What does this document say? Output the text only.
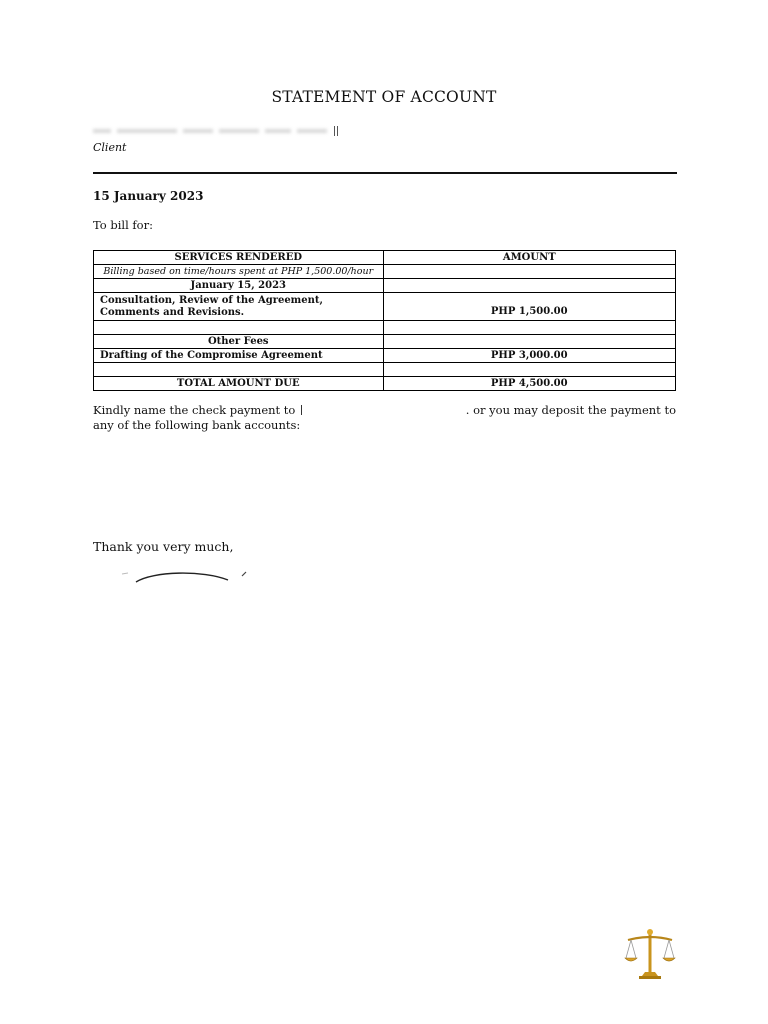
STATEMENT OF ACCOUNT
Client
15 January 2023
To bill for:
SERVICES RENDERED	AMOUNT
Billing based on time/hours spent at PHP 1,500.00/hour	
January 15, 2023	
Consultation, Review of the Agreement, Comments and Revisions.	PHP 1,500.00

Other Fees	
Drafting of the Compromise Agreement	PHP 3,000.00

TOTAL AMOUNT DUE	PHP 4,500.00
Kindly name the check payment to	. or you may deposit the payment to
any of the following bank accounts:
Thank you very much,
